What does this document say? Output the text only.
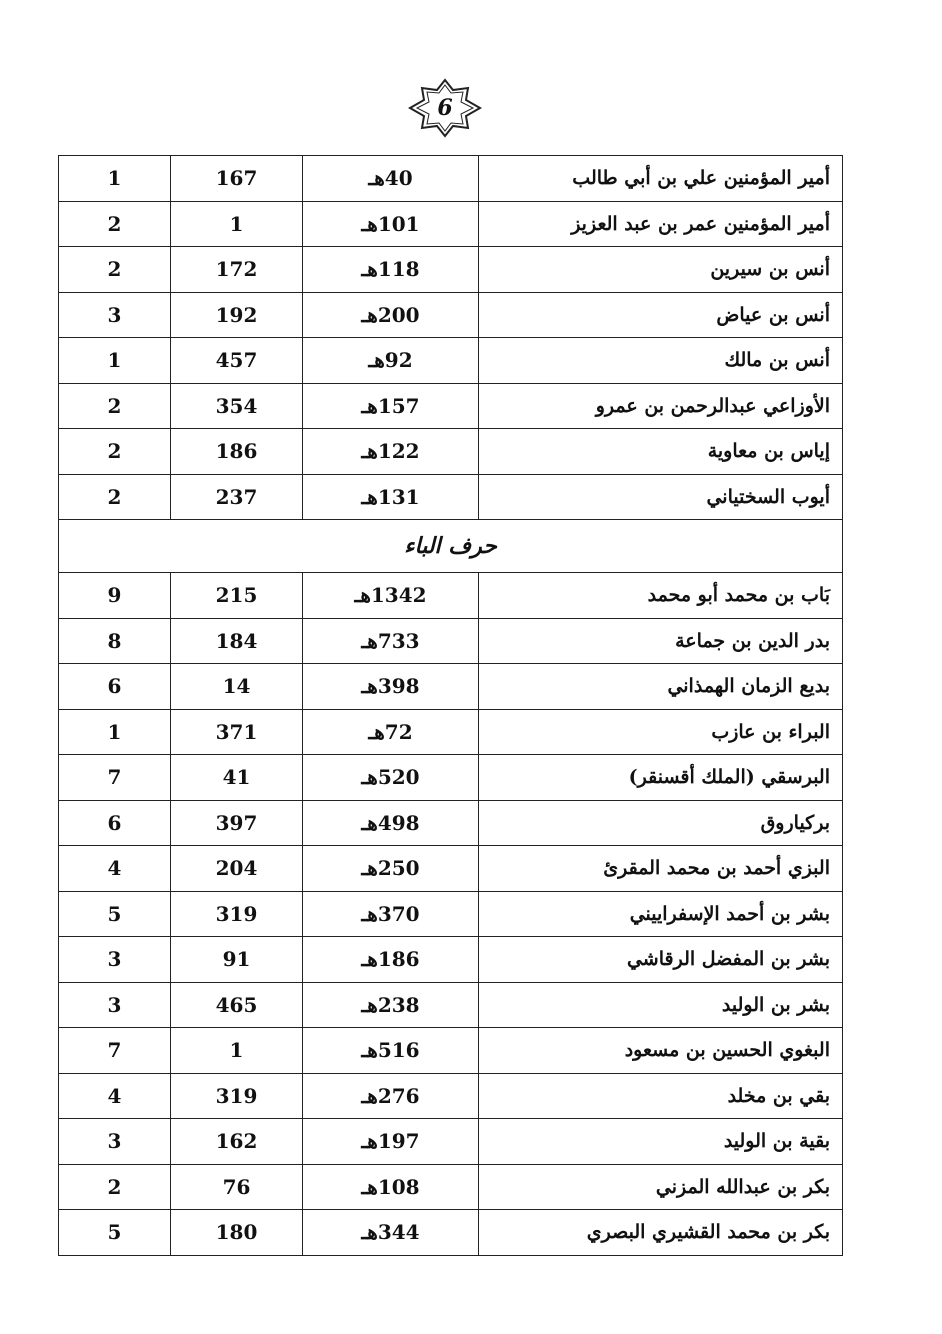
6
1	167	40هـ	أمير المؤمنين علي بن أبي طالب
2	1	101هـ	أمير المؤمنين عمر بن عبد العزيز
2	172	118هـ	أنس بن سيرين
3	192	200هـ	أنس بن عياض
1	457	92هـ	أنس بن مالك
2	354	157هـ	الأوزاعي عبدالرحمن بن عمرو
2	186	122هـ	إياس بن معاوية
2	237	131هـ	أيوب السختياني
حرف الباء			
9	215	1342هـ	بَاب بن محمد أبو محمد
8	184	733هـ	بدر الدين بن جماعة
6	14	398هـ	بديع الزمان الهمذاني
1	371	72هـ	البراء بن عازب
7	41	520هـ	البرسقي (الملك أقسنقر)
6	397	498هـ	بركياروق
4	204	250هـ	البزي أحمد بن محمد المقرئ
5	319	370هـ	بشر بن أحمد الإسفراييني
3	91	186هـ	بشر بن المفضل الرقاشي
3	465	238هـ	بشر بن الوليد
7	1	516هـ	البغوي الحسين بن مسعود
4	319	276هـ	بقي بن مخلد
3	162	197هـ	بقية بن الوليد
2	76	108هـ	بكر بن عبدالله المزني
5	180	344هـ	بكر بن محمد القشيري البصري
